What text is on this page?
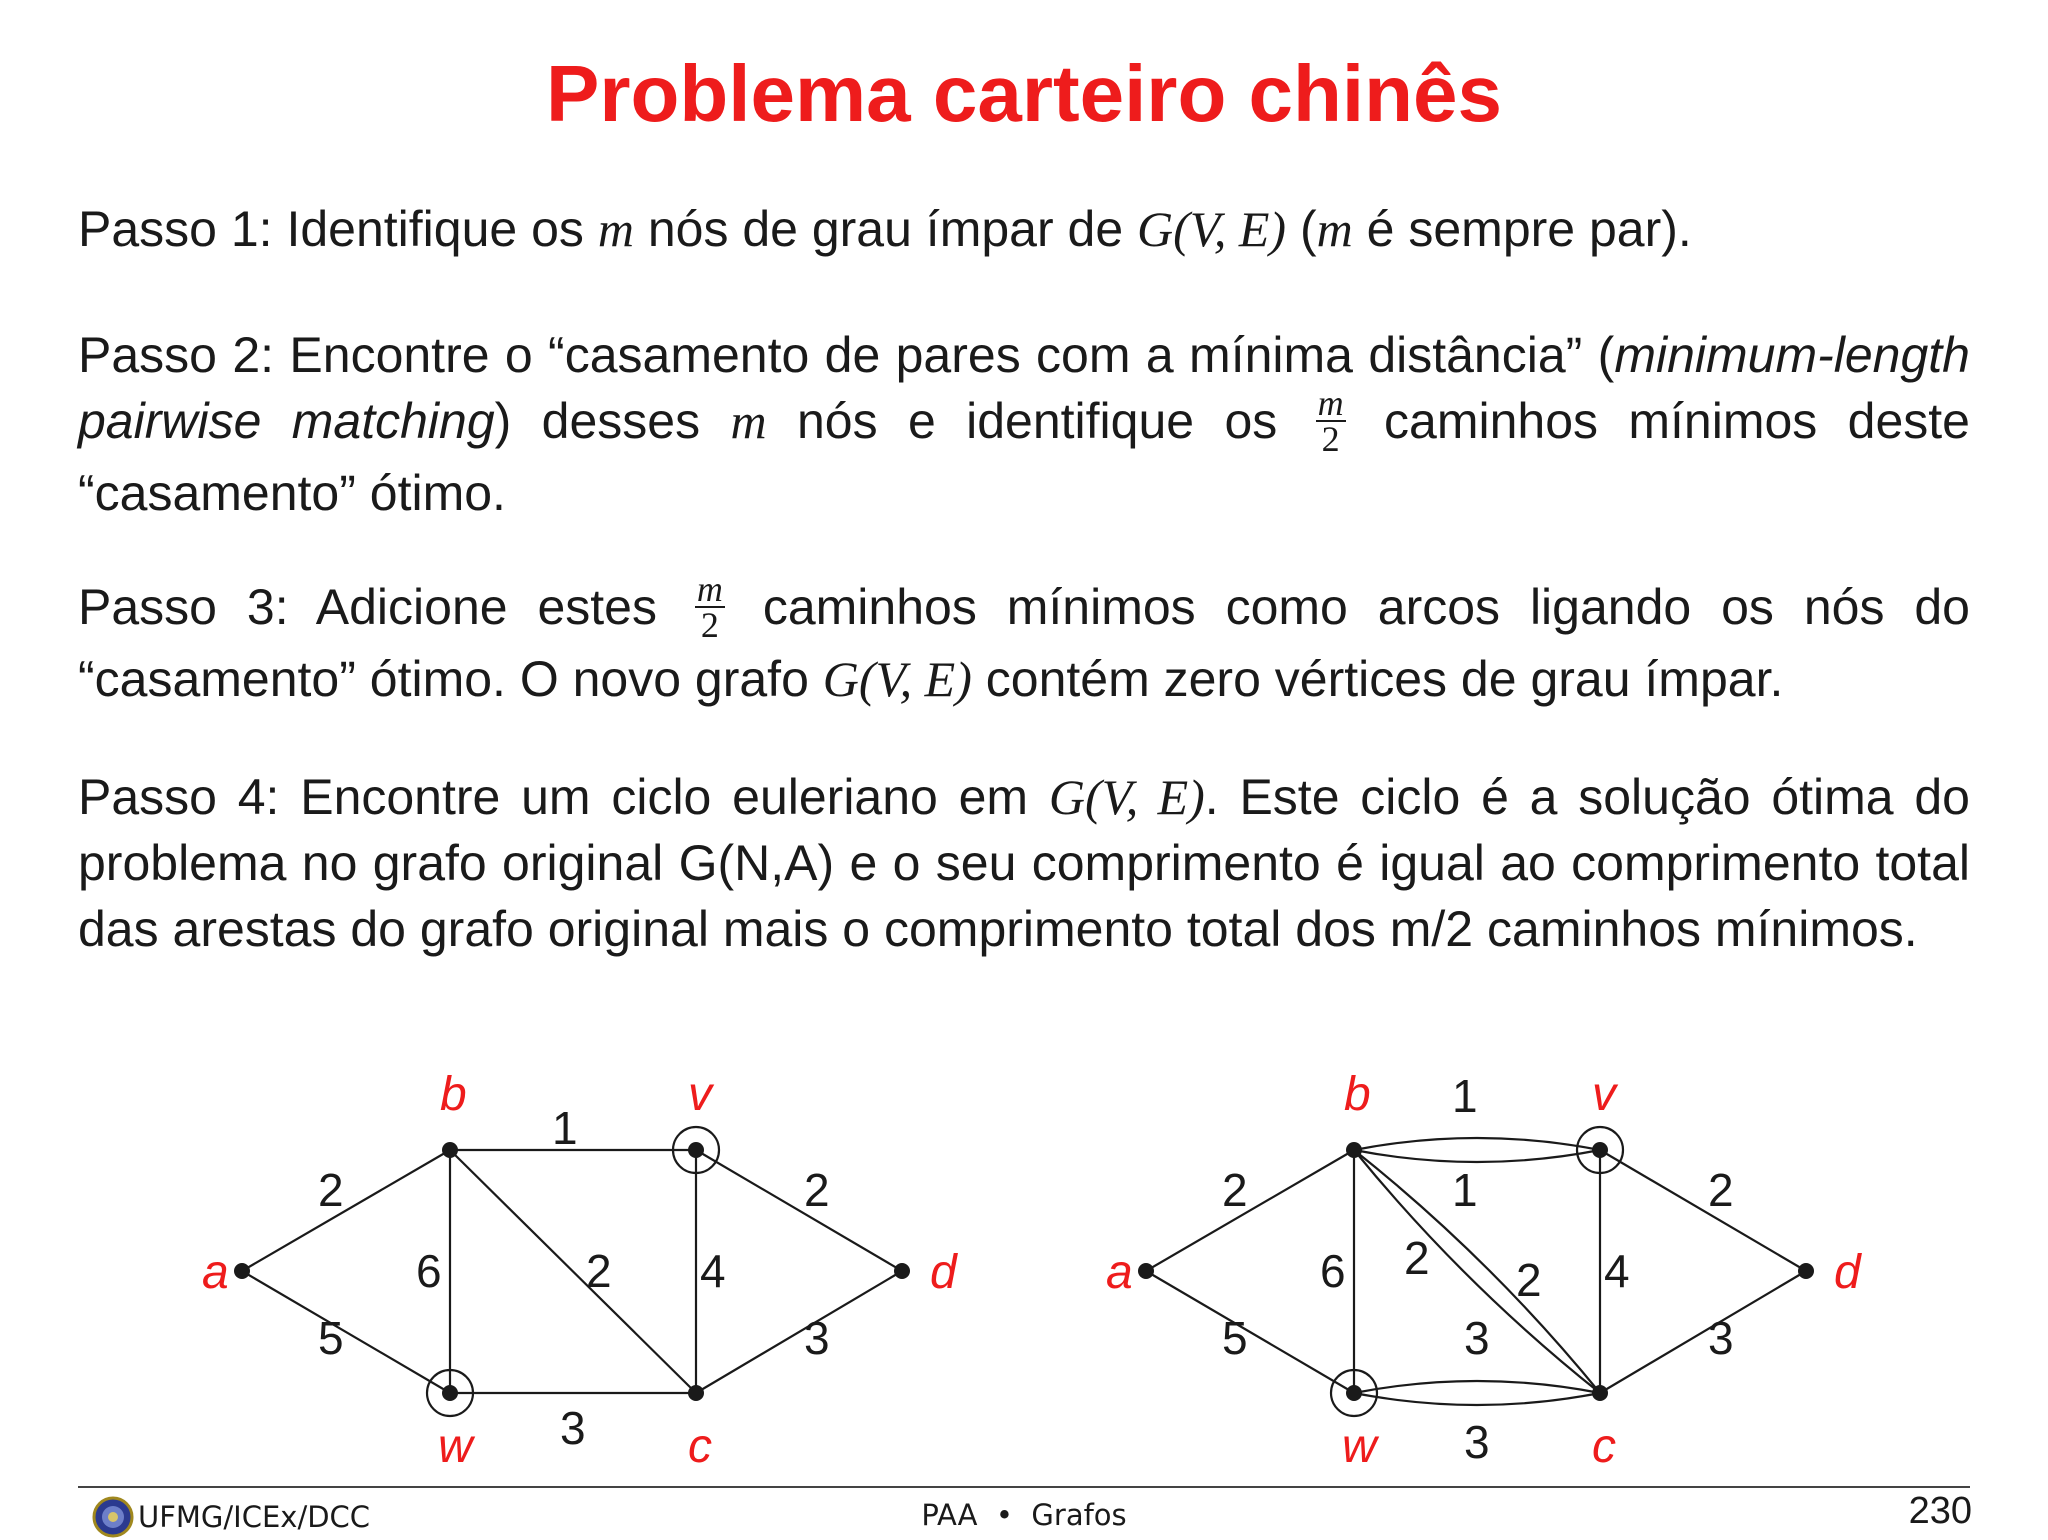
Problema carteiro chinês
Passo 1: Identifique os m nós de grau ímpar de G(V, E) (m é sempre par).
Passo 2: Encontre o “casamento de pares com a mínima distância” (minimum-length pairwise matching) desses m nós e identifique os $\frac{m}{2}$ caminhos mínimos deste “casamento” ótimo.
Passo 3: Adicione estes $\frac{m}{2}$ caminhos mínimos como arcos ligando os nós do “casamento” ótimo. O novo grafo G(V, E) contém zero vértices de grau ímpar.
Passo 4: Encontre um ciclo euleriano em G(V, E). Este ciclo é a solução ótima do problema no grafo original G(N,A) e o seu comprimento é igual ao comprimento total das arestas do grafo original mais o comprimento total dos m/2 caminhos mínimos.
a
b	v
d
w	c
2
1
2
5
6	2 4
3
3
a
b	v
d
w	c
2
1
1	2
5
6 2 2 4
3
3
3
UFMG/ICEx/DCC	PAA  •  Grafos	230
